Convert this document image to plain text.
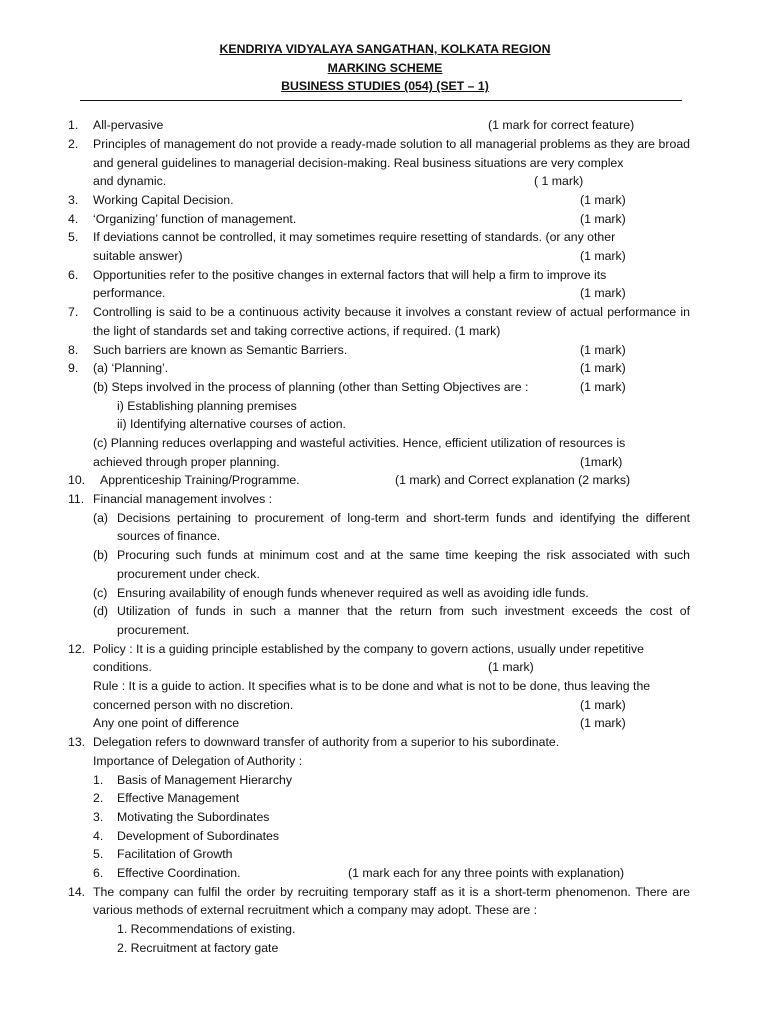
KENDRIYA VIDYALAYA SANGATHAN, KOLKATA REGION
MARKING SCHEME
BUSINESS STUDIES (054) (SET – 1)
1.	All-pervasive	(1 mark for correct feature)
2.	Principles of management do not provide a ready-made solution to all managerial problems as they are broad and general guidelines to managerial decision-making. Real business situations are very complex
and dynamic.	( 1 mark)
3.	Working Capital Decision.	(1 mark)
4.	‘Organizing’ function of management.	(1 mark)
5.	If deviations cannot be controlled, it may sometimes require resetting of standards. (or any other
suitable answer)	(1 mark)
6.	Opportunities refer to the positive changes in external factors that will help a firm to improve its
performance.	(1 mark)
7.	Controlling is said to be a continuous activity because it involves a constant review of actual performance in the light of standards set and taking corrective actions, if required. (1 mark)
8.	Such barriers are known as Semantic Barriers.	(1 mark)
9.	(a) ‘Planning’.	(1 mark)
(b) Steps involved in the process of planning (other than Setting Objectives are :	(1 mark)
i) Establishing planning premises
ii) Identifying alternative courses of action.
(c) Planning reduces overlapping and wasteful activities. Hence, efficient utilization of resources is
achieved through proper planning.	(1mark)
10.	Apprenticeship Training/Programme.	(1 mark) and Correct explanation (2 marks)
11. Financial management involves :
(a) Decisions pertaining to procurement of long-term and short-term funds and identifying the different sources of finance.
(b) Procuring such funds at minimum cost and at the same time keeping the risk associated with such procurement under check.
(c) Ensuring availability of enough funds whenever required as well as avoiding idle funds.
(d) Utilization of funds in such a manner that the return from such investment exceeds the cost of procurement.
12. Policy : It is a guiding principle established by the company to govern actions, usually under repetitive
conditions.	(1 mark)
Rule : It is a guide to action. It specifies what is to be done and what is not to be done, thus leaving the
concerned person with no discretion.	(1 mark)
Any one point of difference	(1 mark)
13. Delegation refers to downward transfer of authority from a superior to his subordinate.
Importance of Delegation of Authority :
1.	Basis of Management Hierarchy
2.	Effective Management
3.	Motivating the Subordinates
4.	Development of Subordinates
5.	Facilitation of Growth
6.	Effective Coordination.	(1 mark each for any three points with explanation)
14. The company can fulfil the order by recruiting temporary staff as it is a short-term phenomenon. There are various methods of external recruitment which a company may adopt. These are :
1. Recommendations of existing.
2. Recruitment at factory gate
